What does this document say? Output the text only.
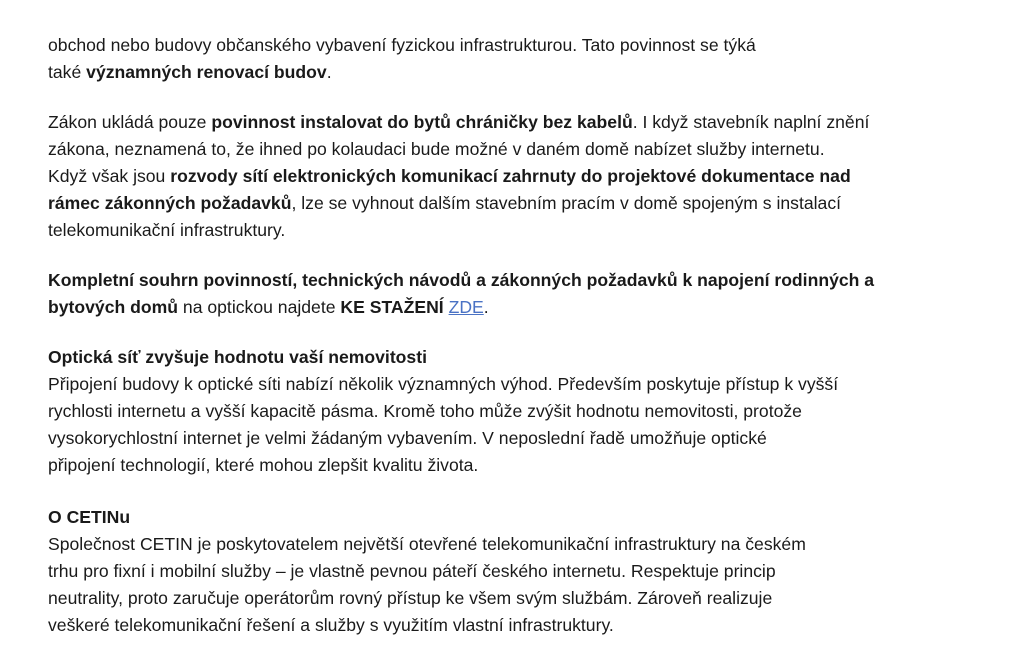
obchod nebo budovy občanského vybavení fyzickou infrastrukturou. Tato povinnost se týká
také významných renovací budov.
Zákon ukládá pouze povinnost instalovat do bytů chráničky bez kabelů. I když stavebník naplní znění
zákona, neznamená to, že ihned po kolaudaci bude možné v daném domě nabízet služby internetu.
Když však jsou rozvody sítí elektronických komunikací zahrnuty do projektové dokumentace nad
rámec zákonných požadavků, lze se vyhnout dalším stavebním pracím v domě spojeným s instalací
telekomunikační infrastruktury.
Kompletní souhrn povinností, technických návodů a zákonných požadavků k napojení rodinných a
bytových domů na optickou najdete KE STAŽENÍ ZDE.
Optická síť zvyšuje hodnotu vaší nemovitosti
Připojení budovy k optické síti nabízí několik významných výhod. Především poskytuje přístup k vyšší
rychlosti internetu a vyšší kapacitě pásma. Kromě toho může zvýšit hodnotu nemovitosti, protože
vysokorychlostní internet je velmi žádaným vybavením. V neposlední řadě umožňuje optické
připojení technologií, které mohou zlepšit kvalitu života.
O CETINu
Společnost CETIN je poskytovatelem největší otevřené telekomunikační infrastruktury na českém
trhu pro fixní i mobilní služby – je vlastně pevnou páteří českého internetu. Respektuje princip
neutrality, proto zaručuje operátorům rovný přístup ke všem svým službám. Zároveň realizuje
veškeré telekomunikační řešení a služby s využitím vlastní infrastruktury.
